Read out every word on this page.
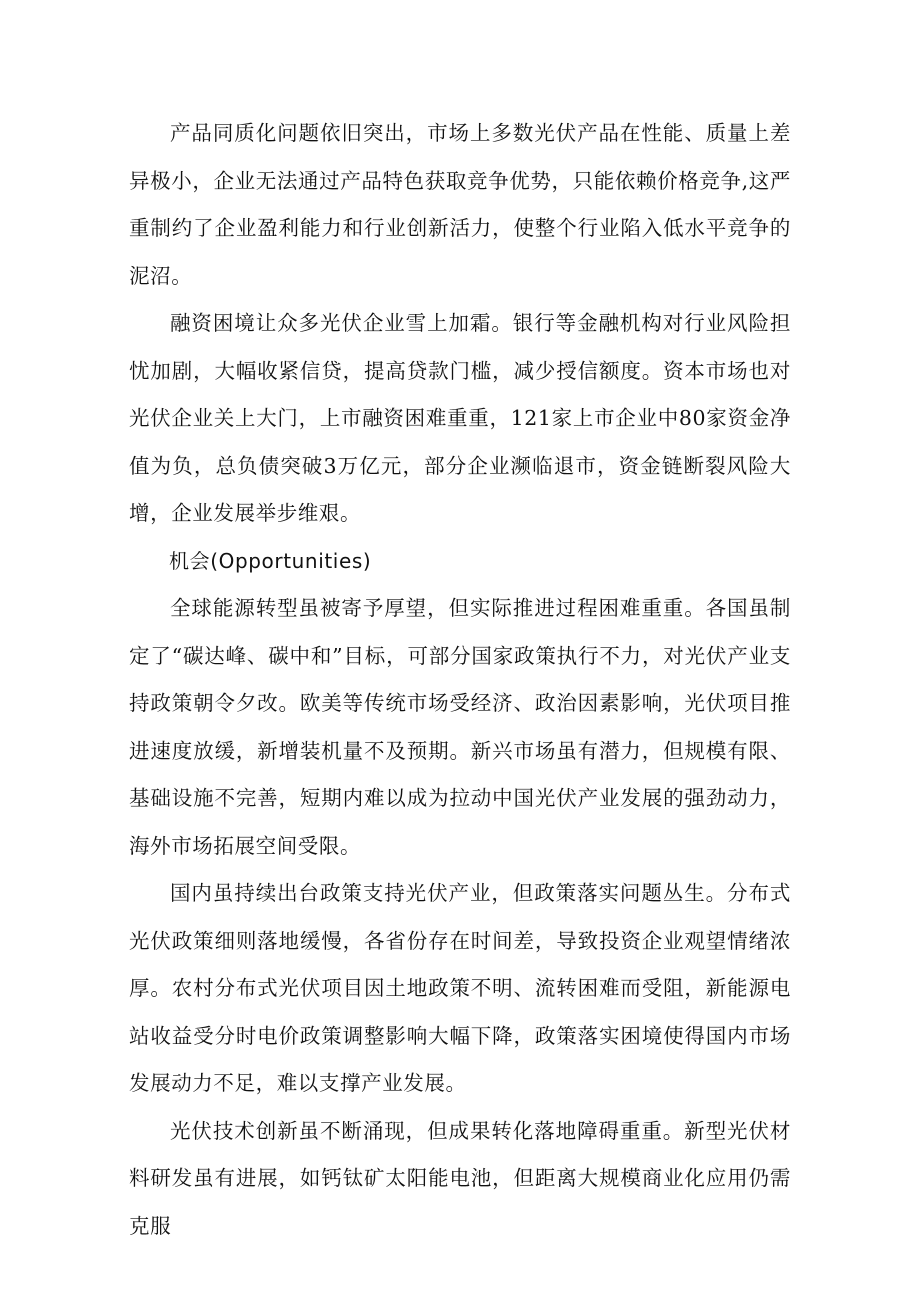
产品同质化问题依旧突出，市场上多数光伏产品在性能、质量上差异极小，企业无法通过产品特色获取竞争优势，只能依赖价格竞争,这严重制约了企业盈利能力和行业创新活力，使整个行业陷入低水平竞争的泥沼。

融资困境让众多光伏企业雪上加霜。银行等金融机构对行业风险担忧加剧，大幅收紧信贷，提高贷款门槛，减少授信额度。资本市场也对光伏企业关上大门，上市融资困难重重，121家上市企业中80家资金净值为负，总负债突破3万亿元，部分企业濒临退市，资金链断裂风险大增，企业发展举步维艰。

机会(Opportunities)

全球能源转型虽被寄予厚望，但实际推进过程困难重重。各国虽制定了“碳达峰、碳中和”目标，可部分国家政策执行不力，对光伏产业支持政策朝令夕改。欧美等传统市场受经济、政治因素影响，光伏项目推进速度放缓，新增装机量不及预期。新兴市场虽有潜力，但规模有限、基础设施不完善，短期内难以成为拉动中国光伏产业发展的强劲动力，海外市场拓展空间受限。

国内虽持续出台政策支持光伏产业，但政策落实问题丛生。分布式光伏政策细则落地缓慢，各省份存在时间差，导致投资企业观望情绪浓厚。农村分布式光伏项目因土地政策不明、流转困难而受阻，新能源电站收益受分时电价政策调整影响大幅下降，政策落实困境使得国内市场发展动力不足，难以支撑产业发展。

光伏技术创新虽不断涌现，但成果转化落地障碍重重。新型光伏材料研发虽有进展，如钙钛矿太阳能电池，但距离大规模商业化应用仍需克服
